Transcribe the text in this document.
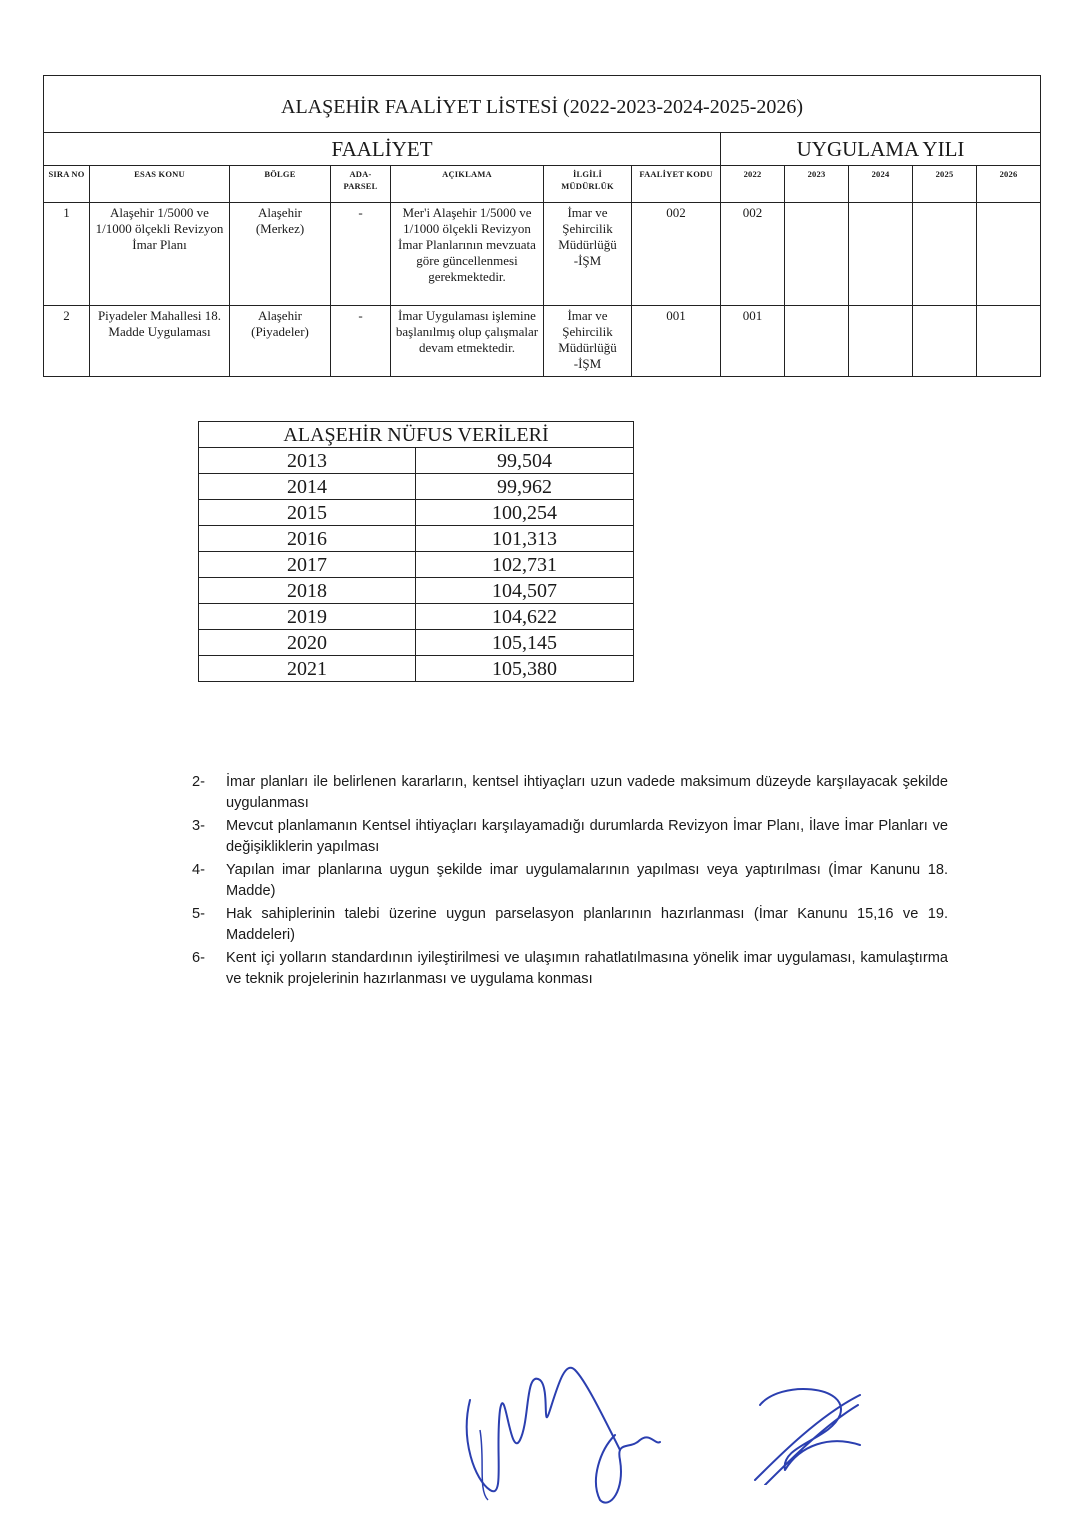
ALAŞEHİR FAALİYET LİSTESİ (2022-2023-2024-2025-2026)											
FAALİYET							UYGULAMA YILI				
SIRA NO	ESAS KONU	BÖLGE	ADA-PARSEL	AÇIKLAMA	İLGİLİ MÜDÜRLÜK	FAALİYET KODU	2022	2023	2024	2025	2026
1	Alaşehir 1/5000 ve 1/1000 ölçekli Revizyon İmar Planı	Alaşehir (Merkez)	-	Mer'i Alaşehir 1/5000 ve 1/1000 ölçekli Revizyon İmar Planlarının mevzuata göre güncellenmesi gerekmektedir.	İmar ve Şehircilik Müdürlüğü -İŞM	002	002				
2	Piyadeler Mahallesi 18. Madde Uygulaması	Alaşehir (Piyadeler)	-	İmar Uygulaması işlemine başlanılmış olup çalışmalar devam etmektedir.	İmar ve Şehircilik Müdürlüğü -İŞM	001	001				
ALAŞEHİR NÜFUS VERİLERİ	
2013	99,504
2014	99,962
2015	100,254
2016	101,313
2017	102,731
2018	104,507
2019	104,622
2020	105,145
2021	105,380
2-	İmar planları ile belirlenen kararların, kentsel ihtiyaçları uzun vadede maksimum düzeyde karşılayacak şekilde uygulanması
3-	Mevcut planlamanın Kentsel ihtiyaçları karşılayamadığı durumlarda Revizyon İmar Planı, İlave İmar Planları ve değişikliklerin yapılması
4-	Yapılan imar planlarına uygun şekilde imar uygulamalarının yapılması veya yaptırılması (İmar Kanunu 18. Madde)
5-	Hak sahiplerinin talebi üzerine uygun parselasyon planlarının hazırlanması (İmar Kanunu 15,16 ve 19. Maddeleri)
6-	Kent içi yolların standardının iyileştirilmesi ve ulaşımın rahatlatılmasına yönelik imar uygulaması, kamulaştırma ve teknik projelerinin hazırlanması ve uygulama konması
